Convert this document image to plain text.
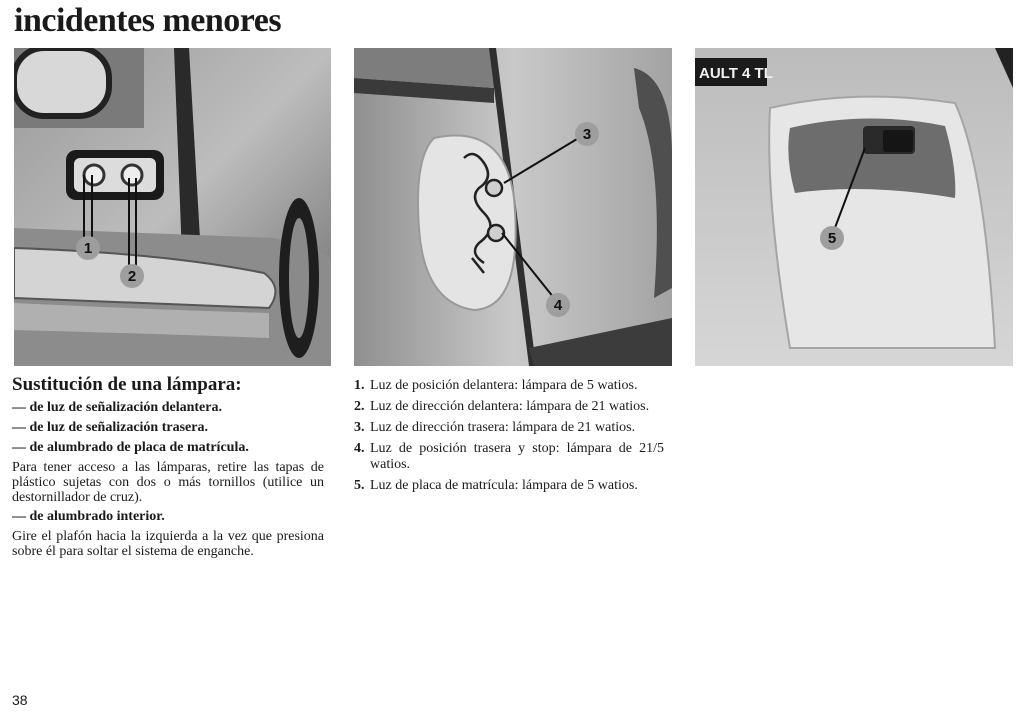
incidentes menores
1
2
3
4
AULT 4 TL
5
Sustitución de una lámpara:

— de luz de señalización delantera.

— de luz de señalización trasera.

— de alumbrado de placa de matrícula.

Para tener acceso a las lámparas, retire las tapas de plástico sujetas con dos o más tornillos (utilice un destornillador de cruz).

— de alumbrado interior.

Gire el plafón hacia la izquierda a la vez que presiona sobre él para soltar el sistema de enganche.

1. Luz de posición delantera: lámpara de 5 watios.
2. Luz de dirección delantera: lámpara de 21 watios.
3. Luz de dirección trasera: lámpara de 21 watios.
4. Luz de posición trasera y stop: lámpara de 21/5 watios.
5. Luz de placa de matrícula: lámpara de 5 watios.
38
